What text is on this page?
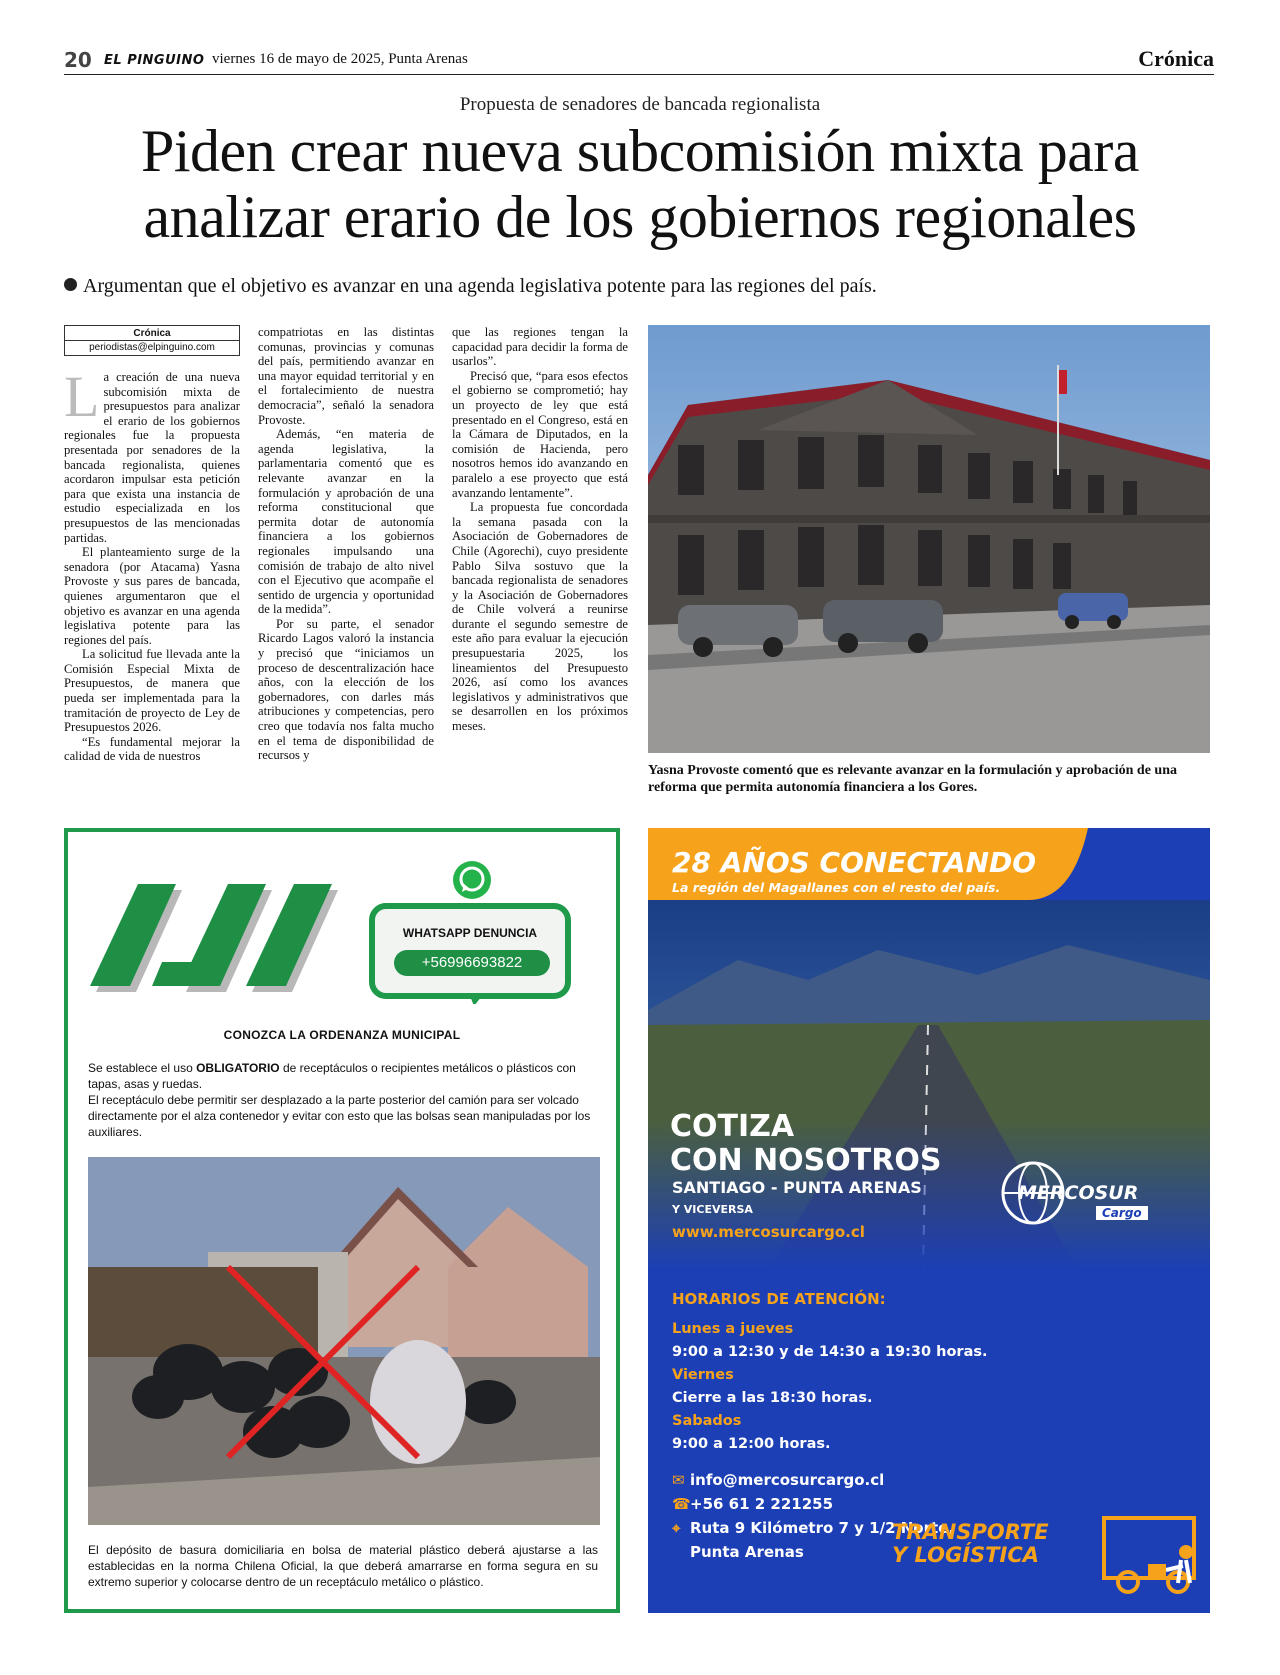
20 EL PINGUINO viernes 16 de mayo de 2025, Punta Arenas	Crónica
Propuesta de senadores de bancada regionalista
Piden crear nueva subcomisión mixta para analizar erario de los gobiernos regionales
Argumentan que el objetivo es avanzar en una agenda legislativa potente para las regiones del país.
Crónica
periodistas@elpinguino.com

La creación de una nueva subcomisión mixta de presupuestos para analizar el erario de los gobiernos regionales fue la propuesta presentada por senadores de la bancada regionalista, quienes acordaron impulsar esta petición para que exista una instancia de estudio especializada en los presupuestos de las mencionadas partidas.

El planteamiento surge de la senadora (por Atacama) Yasna Provoste y sus pares de bancada, quienes argumentaron que el objetivo es avanzar en una agenda legislativa potente para las regiones del país.

La solicitud fue llevada ante la Comisión Especial Mixta de Presupuestos, de manera que pueda ser implementada para la tramitación de proyecto de Ley de Presupuestos 2026.

“Es fundamental mejorar la calidad de vida de nuestros

compatriotas en las distintas comunas, provincias y comunas del país, permitiendo avanzar en una mayor equidad territorial y en el fortalecimiento de nuestra democracia”, señaló la senadora Provoste.

Además, “en materia de agenda legislativa, la parlamentaria comentó que es relevante avanzar en la formulación y aprobación de una reforma constitucional que permita dotar de autonomía financiera a los gobiernos regionales impulsando una comisión de trabajo de alto nivel con el Ejecutivo que acompañe el sentido de urgencia y oportunidad de la medida”.

Por su parte, el senador Ricardo Lagos valoró la instancia y precisó que “iniciamos un proceso de descentralización hace años, con la elección de los gobernadores, con darles más atribuciones y competencias, pero creo que todavía nos falta mucho en el tema de disponibilidad de recursos y

que las regiones tengan la capacidad para decidir la forma de usarlos”.

Precisó que, “para esos efectos el gobierno se comprometió; hay un proyecto de ley que está presentado en el Congreso, está en la Cámara de Diputados, en la comisión de Hacienda, pero nosotros hemos ido avanzando en paralelo a ese proyecto que está avanzando lentamente”.

La propuesta fue concordada la semana pasada con la Asociación de Gobernadores de Chile (Agorechi), cuyo presidente Pablo Silva sostuvo que la bancada regionalista de senadores y la Asociación de Gobernadores de Chile volverá a reunirse durante el segundo semestre de este año para evaluar la ejecución presupuestaria 2025, los lineamientos del Presupuesto 2026, así como los avances legislativos y administrativos que se desarrollen en los próximos meses.

Yasna Provoste comentó que es relevante avanzar en la formulación y aprobación de una reforma que permita autonomía financiera a los Gores.
WHATSAPP DENUNCIA
+56996693822
CONOZCA LA ORDENANZA MUNICIPAL

Se establece el uso OBLIGATORIO de receptáculos o recipientes metálicos o plásticos con tapas, asas y ruedas.

El receptáculo debe permitir ser desplazado a la parte posterior del camión para ser volcado directamente por el alza contenedor y evitar con esto que las bolsas sean manipuladas por los auxiliares.

El depósito de basura domiciliaria en bolsa de material plástico deberá ajustarse a las establecidas en la norma Chilena Oficial, la que deberá amarrarse en forma segura en su extremo superior y colocarse dentro de un receptáculo metálico o plástico.
28 AÑOS CONECTANDO
La región del Magallanes con el resto del país.
COTIZA
CON NOSOTROS
SANTIAGO - PUNTA ARENAS
Y VICEVERSA
www.mercosurcargo.cl
MERCOSUR
Cargo
HORARIOS DE ATENCIÓN:
Lunes a jueves
9:00 a 12:30 y de 14:30 a 19:30 horas.
Viernes
Cierre a las 18:30 horas.
Sabados
9:00 a 12:00 horas.
✉ info@mercosurcargo.cl
☎+56 61 2 221255
⌖ Ruta 9 Kilómetro 7 y 1/2 Norte,
Punta Arenas
TRANSPORTE
Y LOGÍSTICA
